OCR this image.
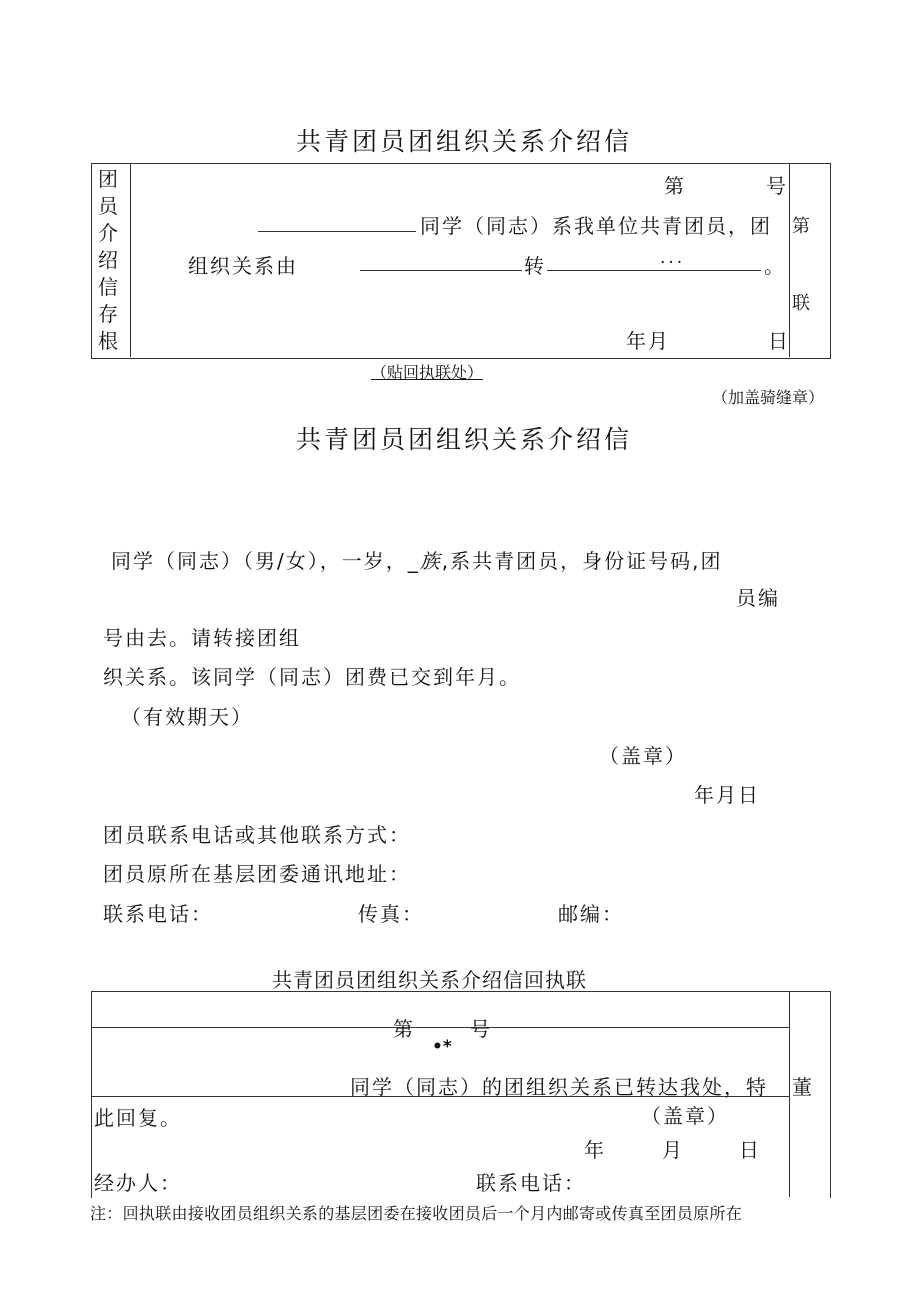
共青团员团组织关系介绍信
团员介绍信存根
第	号
同学（同志）系我单位共青团员，团
组织关系由	转	...	。
年月	日
第
联
（贴回执联处）
（加盖骑缝章）
共青团员团组织关系介绍信
同学（同志）（男/女），一岁，_族,系共青团员，身份证号码,团
员编
号由去。请转接团组
织关系。该同学（同志）团费已交到年月。
（有效期天）
（盖章）
年月日
团员联系电话或其他联系方式：
团员原所在基层团委通讯地址：
联系电话：	传真：	邮编：
共青团员团组织关系介绍信回执联
第	号
•*
同学（同志）的团组织关系已转达我处，特 董
此回复。	（盖章）
年	月	日
经办人：	联系电话：
注：回执联由接收团员组织关系的基层团委在接收团员后一个月内邮寄或传真至团员原所在
